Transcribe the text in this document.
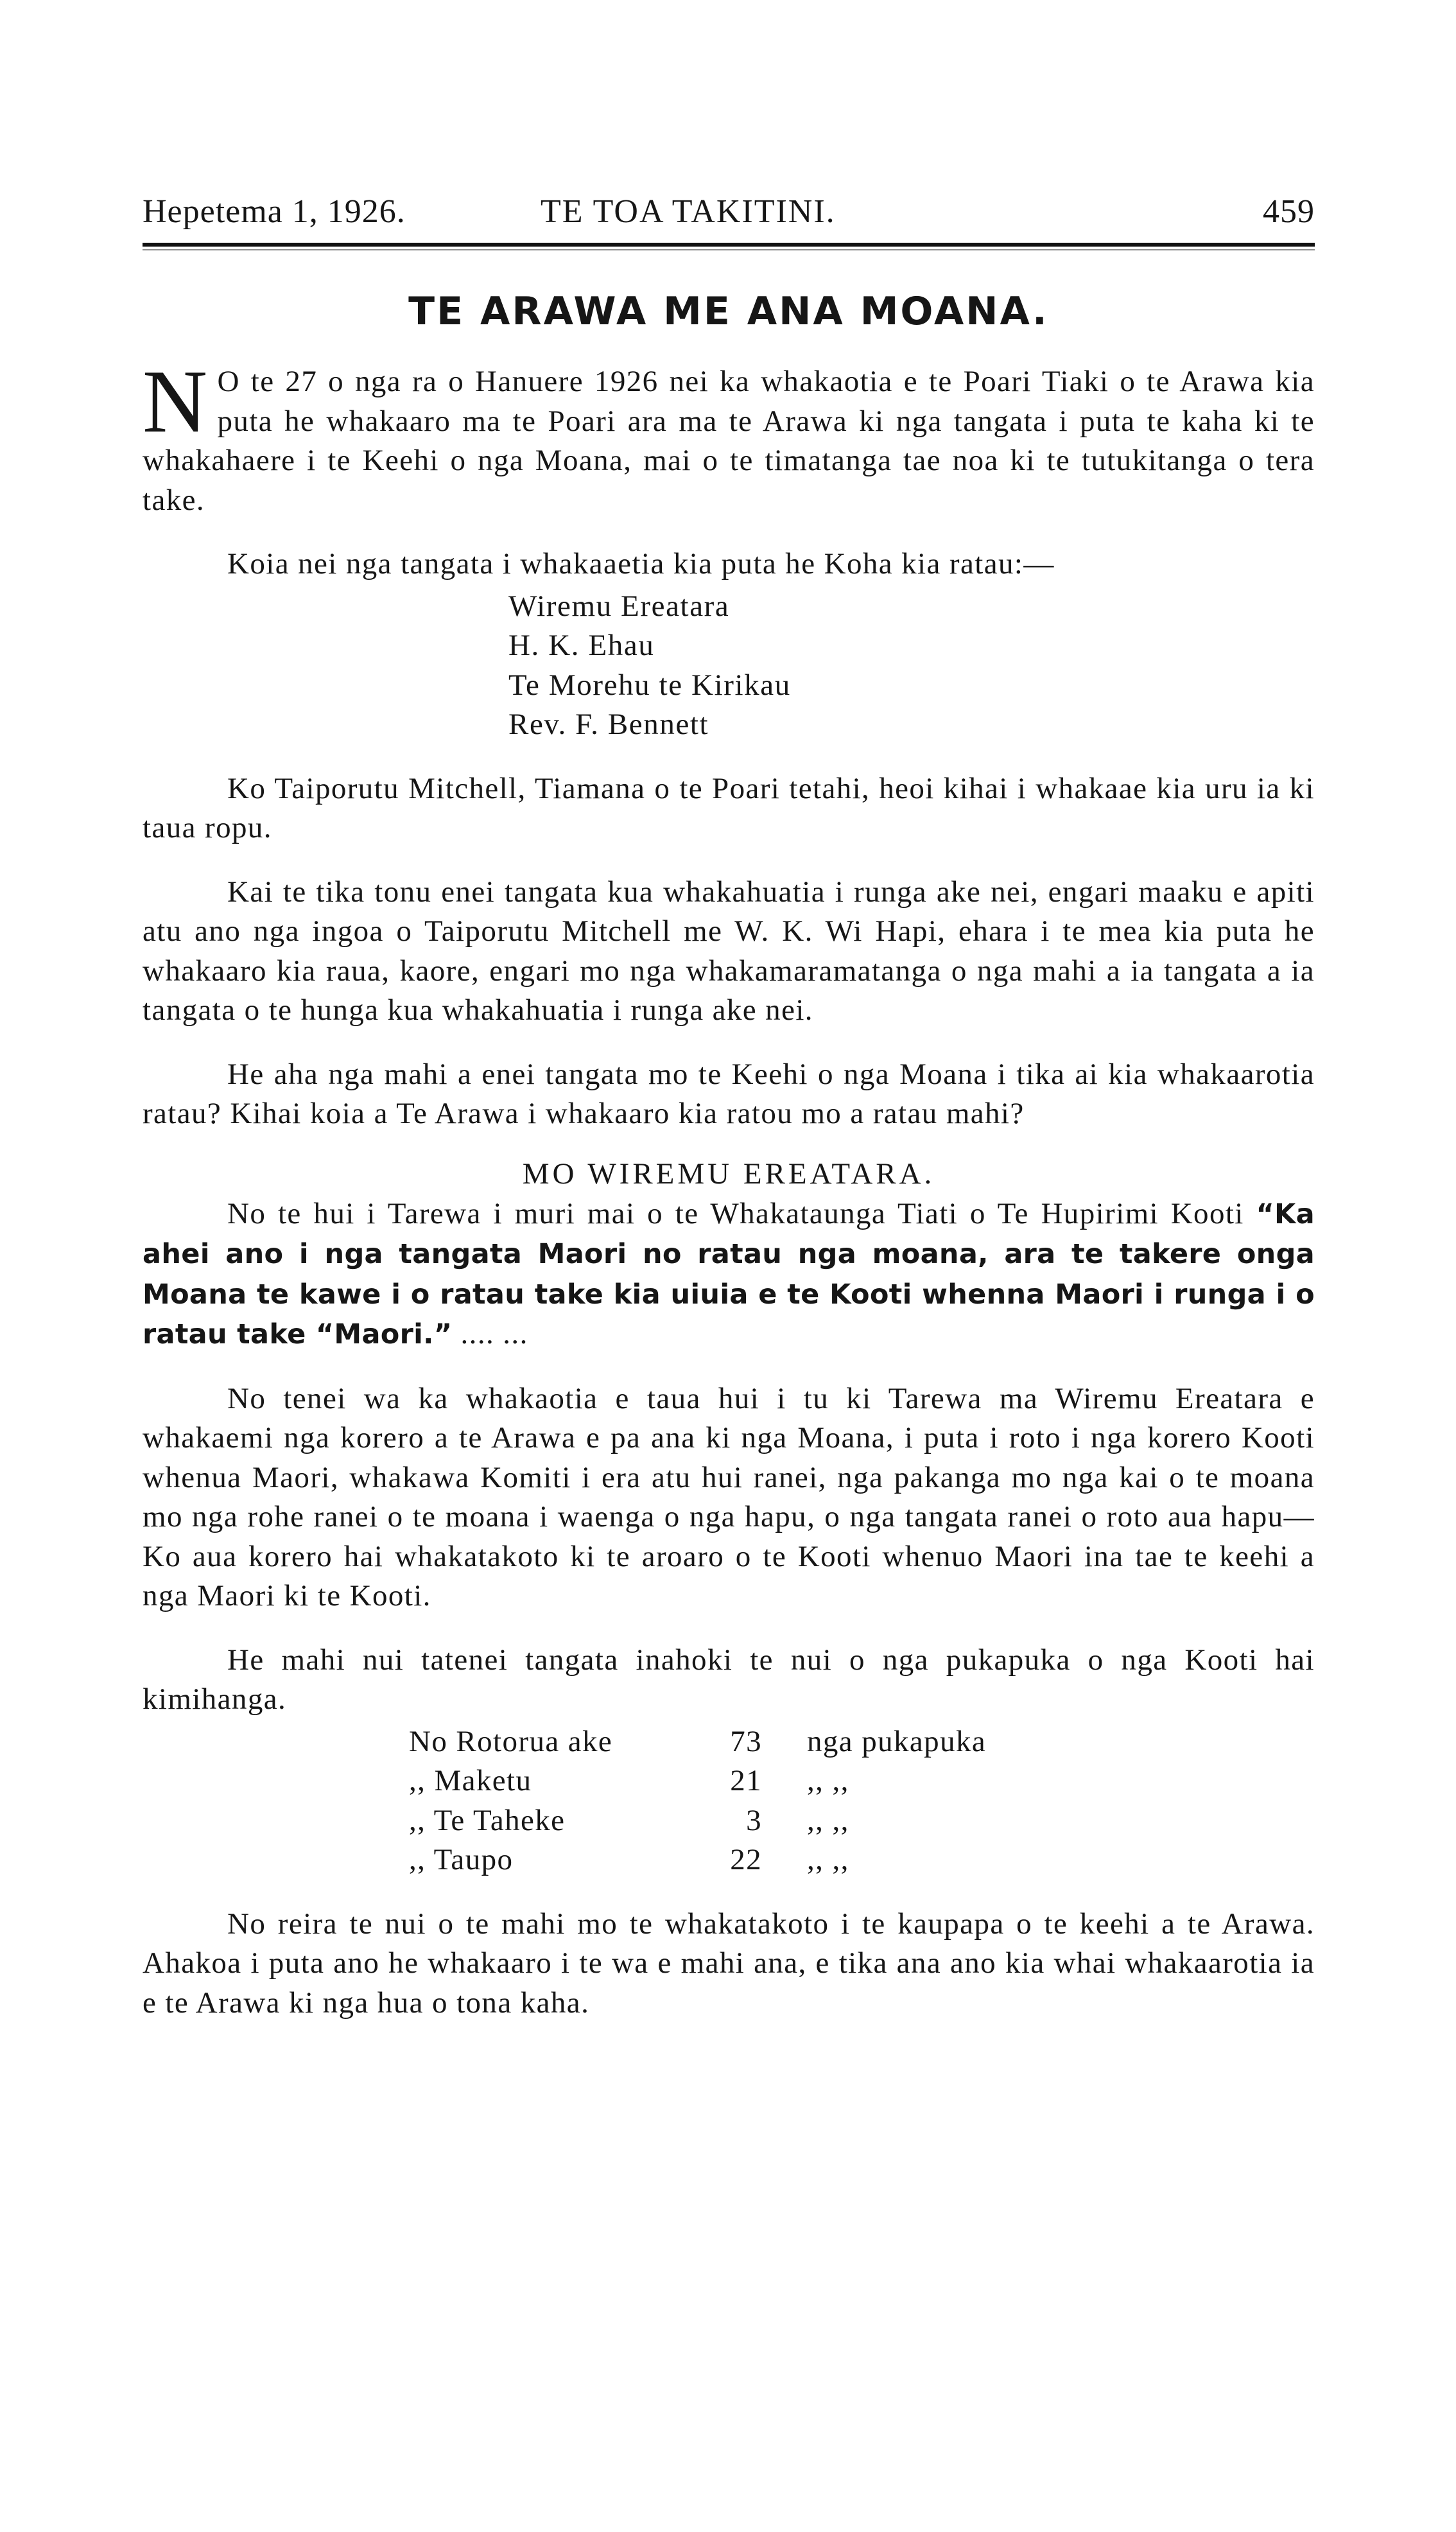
Hepetema 1, 1926.	TE TOA TAKITINI.	459
TE ARAWA ME ANA MOANA.

N O te 27 o nga ra o Hanuere 1926 nei ka whakaotia e te Poari Tiaki o te Arawa kia puta he whakaaro ma te Poari ara ma te Arawa ki nga tangata i puta te kaha ki te whakahaere i te Keehi o nga Moana, mai o te timatanga tae noa ki te tutukitanga o tera take.

Koia nei nga tangata i whakaaetia kia puta he Koha kia ratau:—

Wiremu Ereatara
H. K. Ehau
Te Morehu te Kirikau
Rev. F. Bennett

Ko Taiporutu Mitchell, Tiamana o te Poari tetahi, heoi kihai i whakaae kia uru ia ki taua ropu.

Kai te tika tonu enei tangata kua whakahuatia i runga ake nei, engari maaku e apiti atu ano nga ingoa o Taiporutu Mitchell me W. K. Wi Hapi, ehara i te mea kia puta he whakaaro kia raua, kaore, engari mo nga whakamaramatanga o nga mahi a ia tangata a ia tangata o te hunga kua whakahuatia i runga ake nei.

He aha nga mahi a enei tangata mo te Keehi o nga Moana i tika ai kia whakaarotia ratau? Kihai koia a Te Arawa i whakaaro kia ratou mo a ratau mahi?

MO WIREMU EREATARA.

No te hui i Tarewa i muri mai o te Whakataunga Tiati o Te Hupirimi Kooti “Ka ahei ano i nga tangata Maori no ratau nga moana, ara te takere onga Moana te kawe i o ratau take kia uiuia e te Kooti whenna Maori i runga i o ratau take “Maori.” .... ...

No tenei wa ka whakaotia e taua hui i tu ki Tarewa ma Wiremu Ereatara e whakaemi nga korero a te Arawa e pa ana ki nga Moana, i puta i roto i nga korero Kooti whenua Maori, whakawa Komiti i era atu hui ranei, nga pakanga mo nga kai o te moana mo nga rohe ranei o te moana i waenga o nga hapu, o nga tangata ranei o roto aua hapu—Ko aua korero hai whakatakoto ki te aroaro o te Kooti whenuo Maori ina tae te keehi a nga Maori ki te Kooti.

He mahi nui tatenei tangata inahoki te nui o nga pukapuka o nga Kooti hai kimihanga.

No Rotorua ake	73 nga pukapuka
,, Maketu	21 ,, ,,
,, Te Taheke	3 ,, ,,
,, Taupo	22 ,, ,,

No reira te nui o te mahi mo te whakatakoto i te kaupapa o te keehi a te Arawa. Ahakoa i puta ano he whakaaro i te wa e mahi ana, e tika ana ano kia whai whakaarotia ia e te Arawa ki nga hua o tona kaha.
